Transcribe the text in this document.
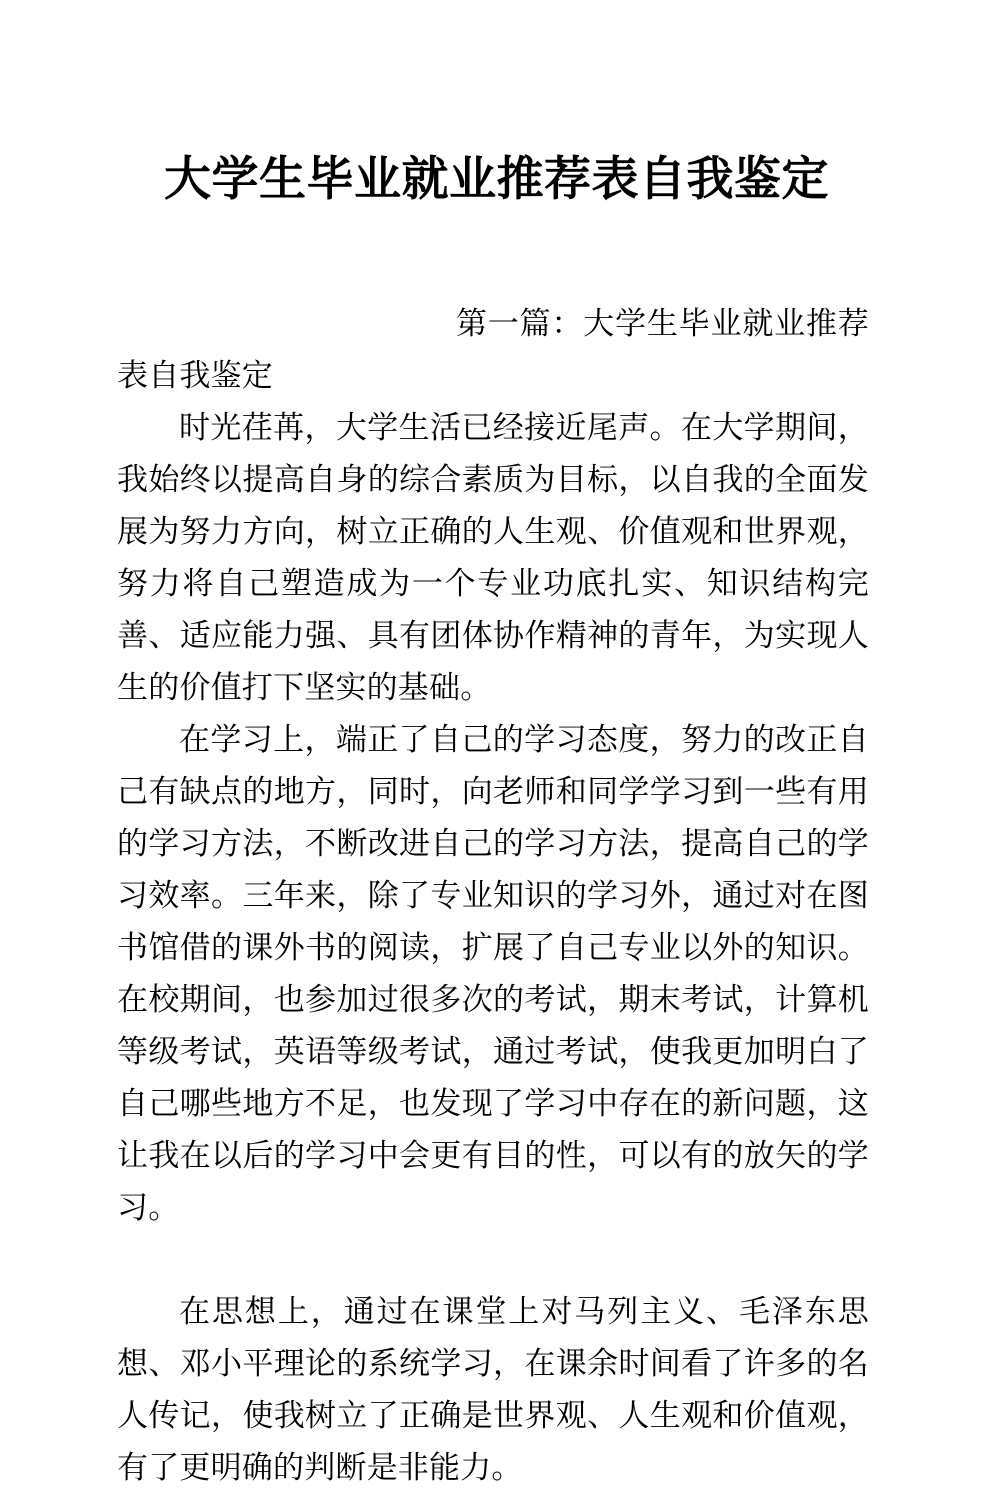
大学生毕业就业推荐表自我鉴定

第一篇：大学生毕业就业推荐表自我鉴定

时光荏苒，大学生活已经接近尾声。在大学期间，我始终以提高自身的综合素质为目标，以自我的全面发展为努力方向，树立正确的人生观、价值观和世界观，努力将自己塑造成为一个专业功底扎实、知识结构完善、适应能力强、具有团体协作精神的青年，为实现人生的价值打下坚实的基础。

在学习上，端正了自己的学习态度，努力的改正自己有缺点的地方，同时，向老师和同学学习到一些有用的学习方法，不断改进自己的学习方法，提高自己的学习效率。三年来，除了专业知识的学习外，通过对在图书馆借的课外书的阅读，扩展了自己专业以外的知识。在校期间，也参加过很多次的考试，期末考试，计算机等级考试，英语等级考试，通过考试，使我更加明白了自己哪些地方不足，也发现了学习中存在的新问题，这让我在以后的学习中会更有目的性，可以有的放矢的学习。

在思想上，通过在课堂上对马列主义、毛泽东思想、邓小平理论的系统学习，在课余时间看了许多的名人传记，使我树立了正确是世界观、人生观和价值观，有了更明确的判断是非能力。
